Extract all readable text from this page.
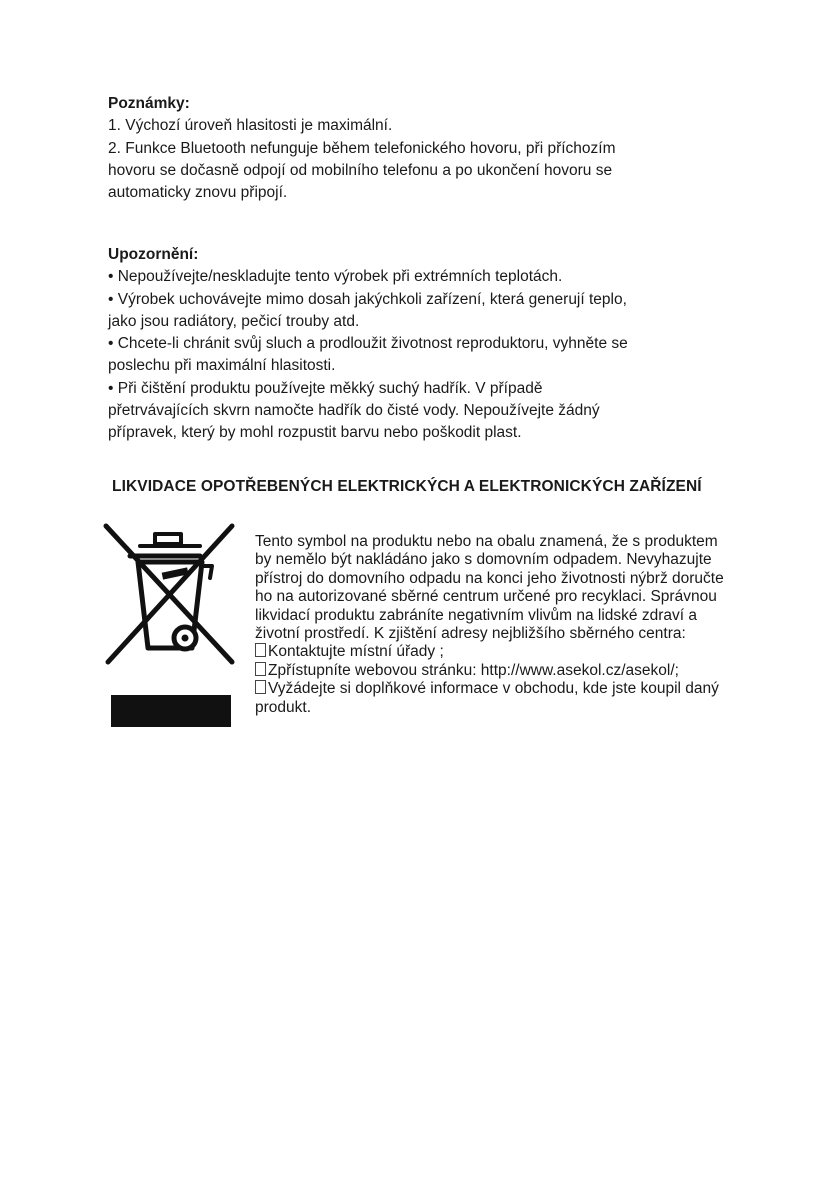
Poznámky:

1. Výchozí úroveň hlasitosti je maximální.

2. Funkce Bluetooth nefunguje během telefonického hovoru, při příchozím

hovoru se dočasně odpojí od mobilního telefonu a po ukončení hovoru se

automaticky znovu připojí.

Upozornění:

• Nepoužívejte/neskladujte tento výrobek při extrémních teplotách.

• Výrobek uchovávejte mimo dosah jakýchkoli zařízení, která generují teplo,

jako jsou radiátory, pečicí trouby atd.

• Chcete-li chránit svůj sluch a prodloužit životnost reproduktoru, vyhněte se

poslechu při maximální hlasitosti.

• Při čištění produktu používejte měkký suchý hadřík. V případě

přetrvávajících skvrn namočte hadřík do čisté vody. Nepoužívejte žádný

přípravek, který by mohl rozpustit barvu nebo poškodit plast.

LIKVIDACE OPOTŘEBENÝCH ELEKTRICKÝCH A ELEKTRONICKÝCH ZAŘÍZENÍ

Tento symbol na produktu nebo na obalu znamená, že s produktem

by nemělo být nakládáno jako s domovním odpadem. Nevyhazujte

přístroj do domovního odpadu na konci jeho životnosti nýbrž doručte

ho na autorizované sběrné centrum určené pro recyklaci. Správnou

likvidací produktu zabráníte negativním vlivům na lidské zdraví a

životní prostředí. K zjištění adresy nejbližšího sběrného centra:

Kontaktujte místní úřady ;

Zpřístupníte webovou stránku: http://www.asekol.cz/asekol/;

Vyžádejte si doplňkové informace v obchodu, kde jste koupil daný

produkt.
